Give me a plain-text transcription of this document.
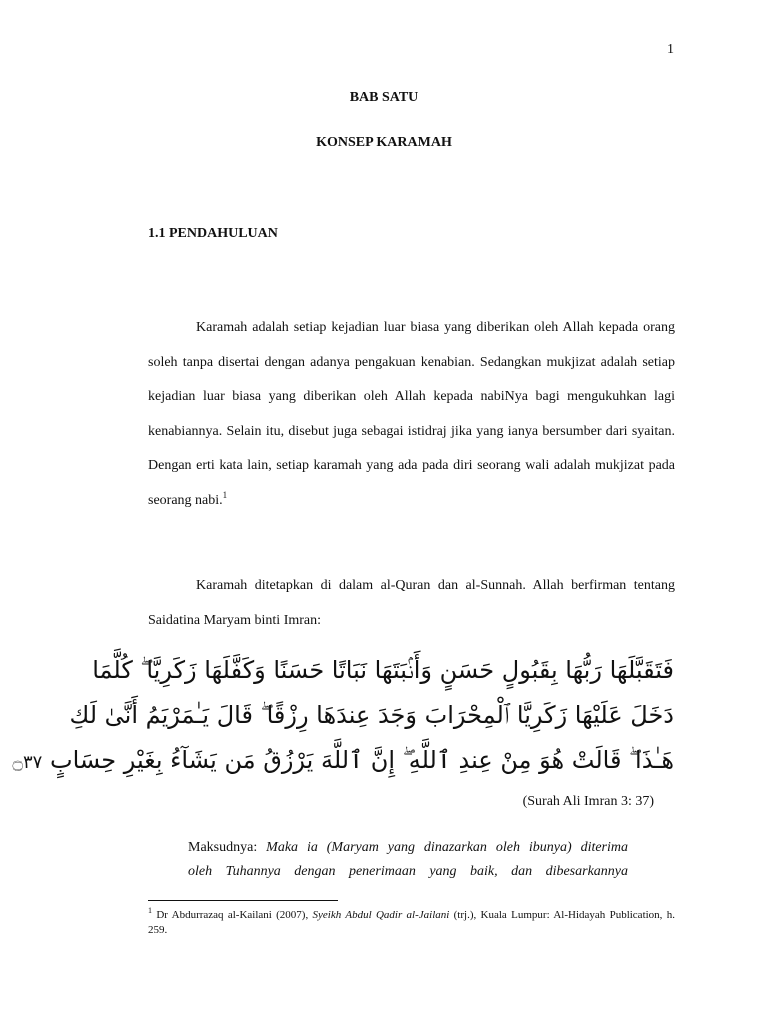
1
BAB SATU
KONSEP KARAMAH
1.1 PENDAHULUAN

Karamah adalah setiap kejadian luar biasa yang diberikan oleh Allah kepada orang soleh tanpa disertai dengan adanya pengakuan kenabian. Sedangkan mukjizat adalah setiap kejadian luar biasa yang diberikan oleh Allah kepada nabiNya bagi mengukuhkan lagi kenabiannya. Selain itu, disebut juga sebagai istidraj jika yang ianya bersumber dari syaitan. Dengan erti kata lain, setiap karamah yang ada pada diri seorang wali adalah mukjizat pada seorang nabi.$^1$

Karamah ditetapkan di dalam al-Quran dan al-Sunnah. Allah berfirman tentang Saidatina Maryam binti Imran:

فَتَقَبَّلَهَا رَبُّهَا بِقَبُولٍ حَسَنٍ وَأَنۢبَتَهَا نَبَاتًا حَسَنًا وَكَفَّلَهَا زَكَرِيَّا ۖ كُلَّمَا
دَخَلَ عَلَيْهَا زَكَرِيَّا ٱلْمِحْرَابَ وَجَدَ عِندَهَا رِزْقًا ۖ قَالَ يَـٰمَرْيَمُ أَنَّىٰ لَكِ
هَـٰذَا ۖ قَالَتْ هُوَ مِنْ عِندِ ٱللَّهِ ۖ إِنَّ ٱللَّهَ يَرْزُقُ مَن يَشَآءُ بِغَيْرِ حِسَابٍ ۝٣٧
(Surah Ali Imran 3: 37)

Maksudnya: Maka ia (Maryam yang dinazarkan oleh ibunya) diterima
oleh Tuhannya dengan penerimaan yang baik, dan dibesarkannya

$^1$ Dr Abdurrazaq al-Kailani (2007), Syeikh Abdul Qadir al-Jailani (trj.), Kuala Lumpur: Al-Hidayah Publication, h. 259.
